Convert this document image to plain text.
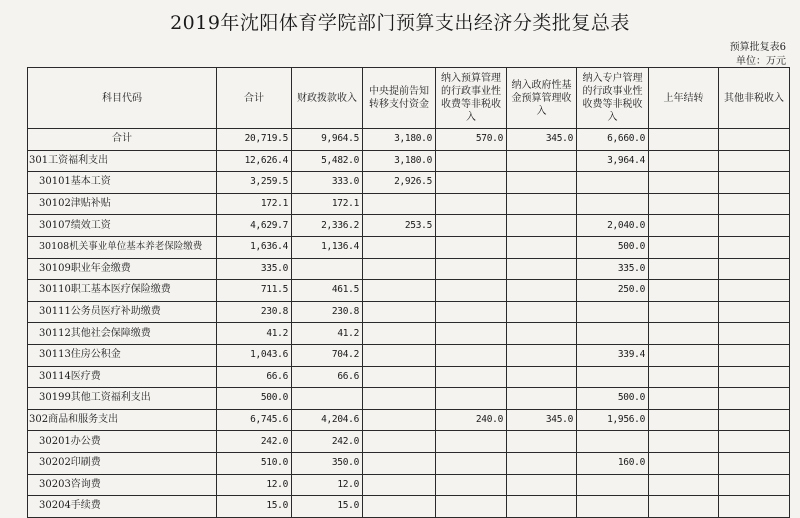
2019年沈阳体育学院部门预算支出经济分类批复总表
预算批复表6
单位：万元
科目代码	合计	财政拨款收入	中央提前告知转移支付资金	纳入预算管理的行政事业性收费等非税收入	纳入政府性基金预算管理收入	纳入专户管理的行政事业性收费等非税收入	上年结转	其他非税收入
合计	20,719.5	9,964.5	3,180.0	570.0	345.0	6,660.0		
301工资福利支出	12,626.4	5,482.0	3,180.0			3,964.4		
30101基本工资	3,259.5	333.0	2,926.5					
30102津贴补贴	172.1	172.1						
30107绩效工资	4,629.7	2,336.2	253.5			2,040.0		
30108机关事业单位基本养老保险缴费	1,636.4	1,136.4				500.0		
30109职业年金缴费	335.0					335.0		
30110职工基本医疗保险缴费	711.5	461.5				250.0		
30111公务员医疗补助缴费	230.8	230.8						
30112其他社会保障缴费	41.2	41.2						
30113住房公积金	1,043.6	704.2				339.4		
30114医疗费	66.6	66.6						
30199其他工资福利支出	500.0					500.0		
302商品和服务支出	6,745.6	4,204.6		240.0	345.0	1,956.0		
30201办公费	242.0	242.0						
30202印刷费	510.0	350.0				160.0		
30203咨询费	12.0	12.0						
30204手续费	15.0	15.0						
